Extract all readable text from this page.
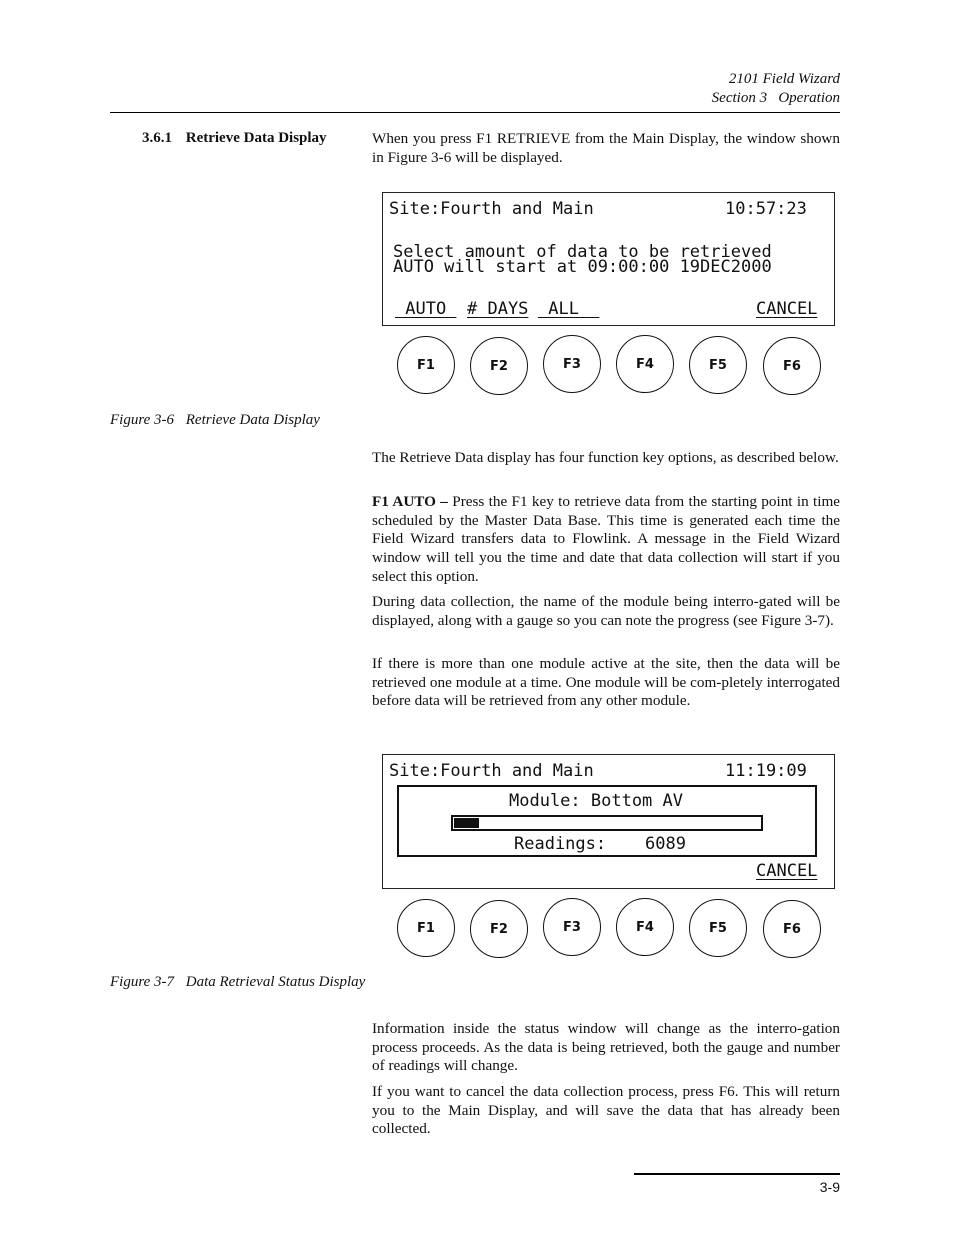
2101 Field Wizard
Section 3 Operation
3.6.1 Retrieve Data Display	When you press F1 RETRIEVE from the Main Display, the window shown in Figure 3-6 will be displayed.

Site:Fourth and Main	10:57:23
Select amount of data to be retrieved
AUTO will start at 09:00:00 19DEC2000
AUTO # DAYS ALL	CANCEL
F1	F2	F3	F4	F5	F6
Figure 3-6 Retrieve Data Display

The Retrieve Data display has four function key options, as described below.

F1 AUTO – Press the F1 key to retrieve data from the starting point in time scheduled by the Master Data Base. This time is generated each time the Field Wizard transfers data to Flowlink. A message in the Field Wizard window will tell you the time and date that data collection will start if you select this option.

During data collection, the name of the module being interro-gated will be displayed, along with a gauge so you can note the progress (see Figure 3-7).

If there is more than one module active at the site, then the data will be retrieved one module at a time. One module will be com-pletely interrogated before data will be retrieved from any other module.

Site:Fourth and Main	11:19:09
Module: Bottom AV
Readings: 6089
CANCEL
F1	F2	F3	F4	F5	F6
Figure 3-7 Data Retrieval Status Display

Information inside the status window will change as the interro-gation process proceeds. As the data is being retrieved, both the gauge and number of readings will change.

If you want to cancel the data collection process, press F6. This will return you to the Main Display, and will save the data that has already been collected.

3-9
